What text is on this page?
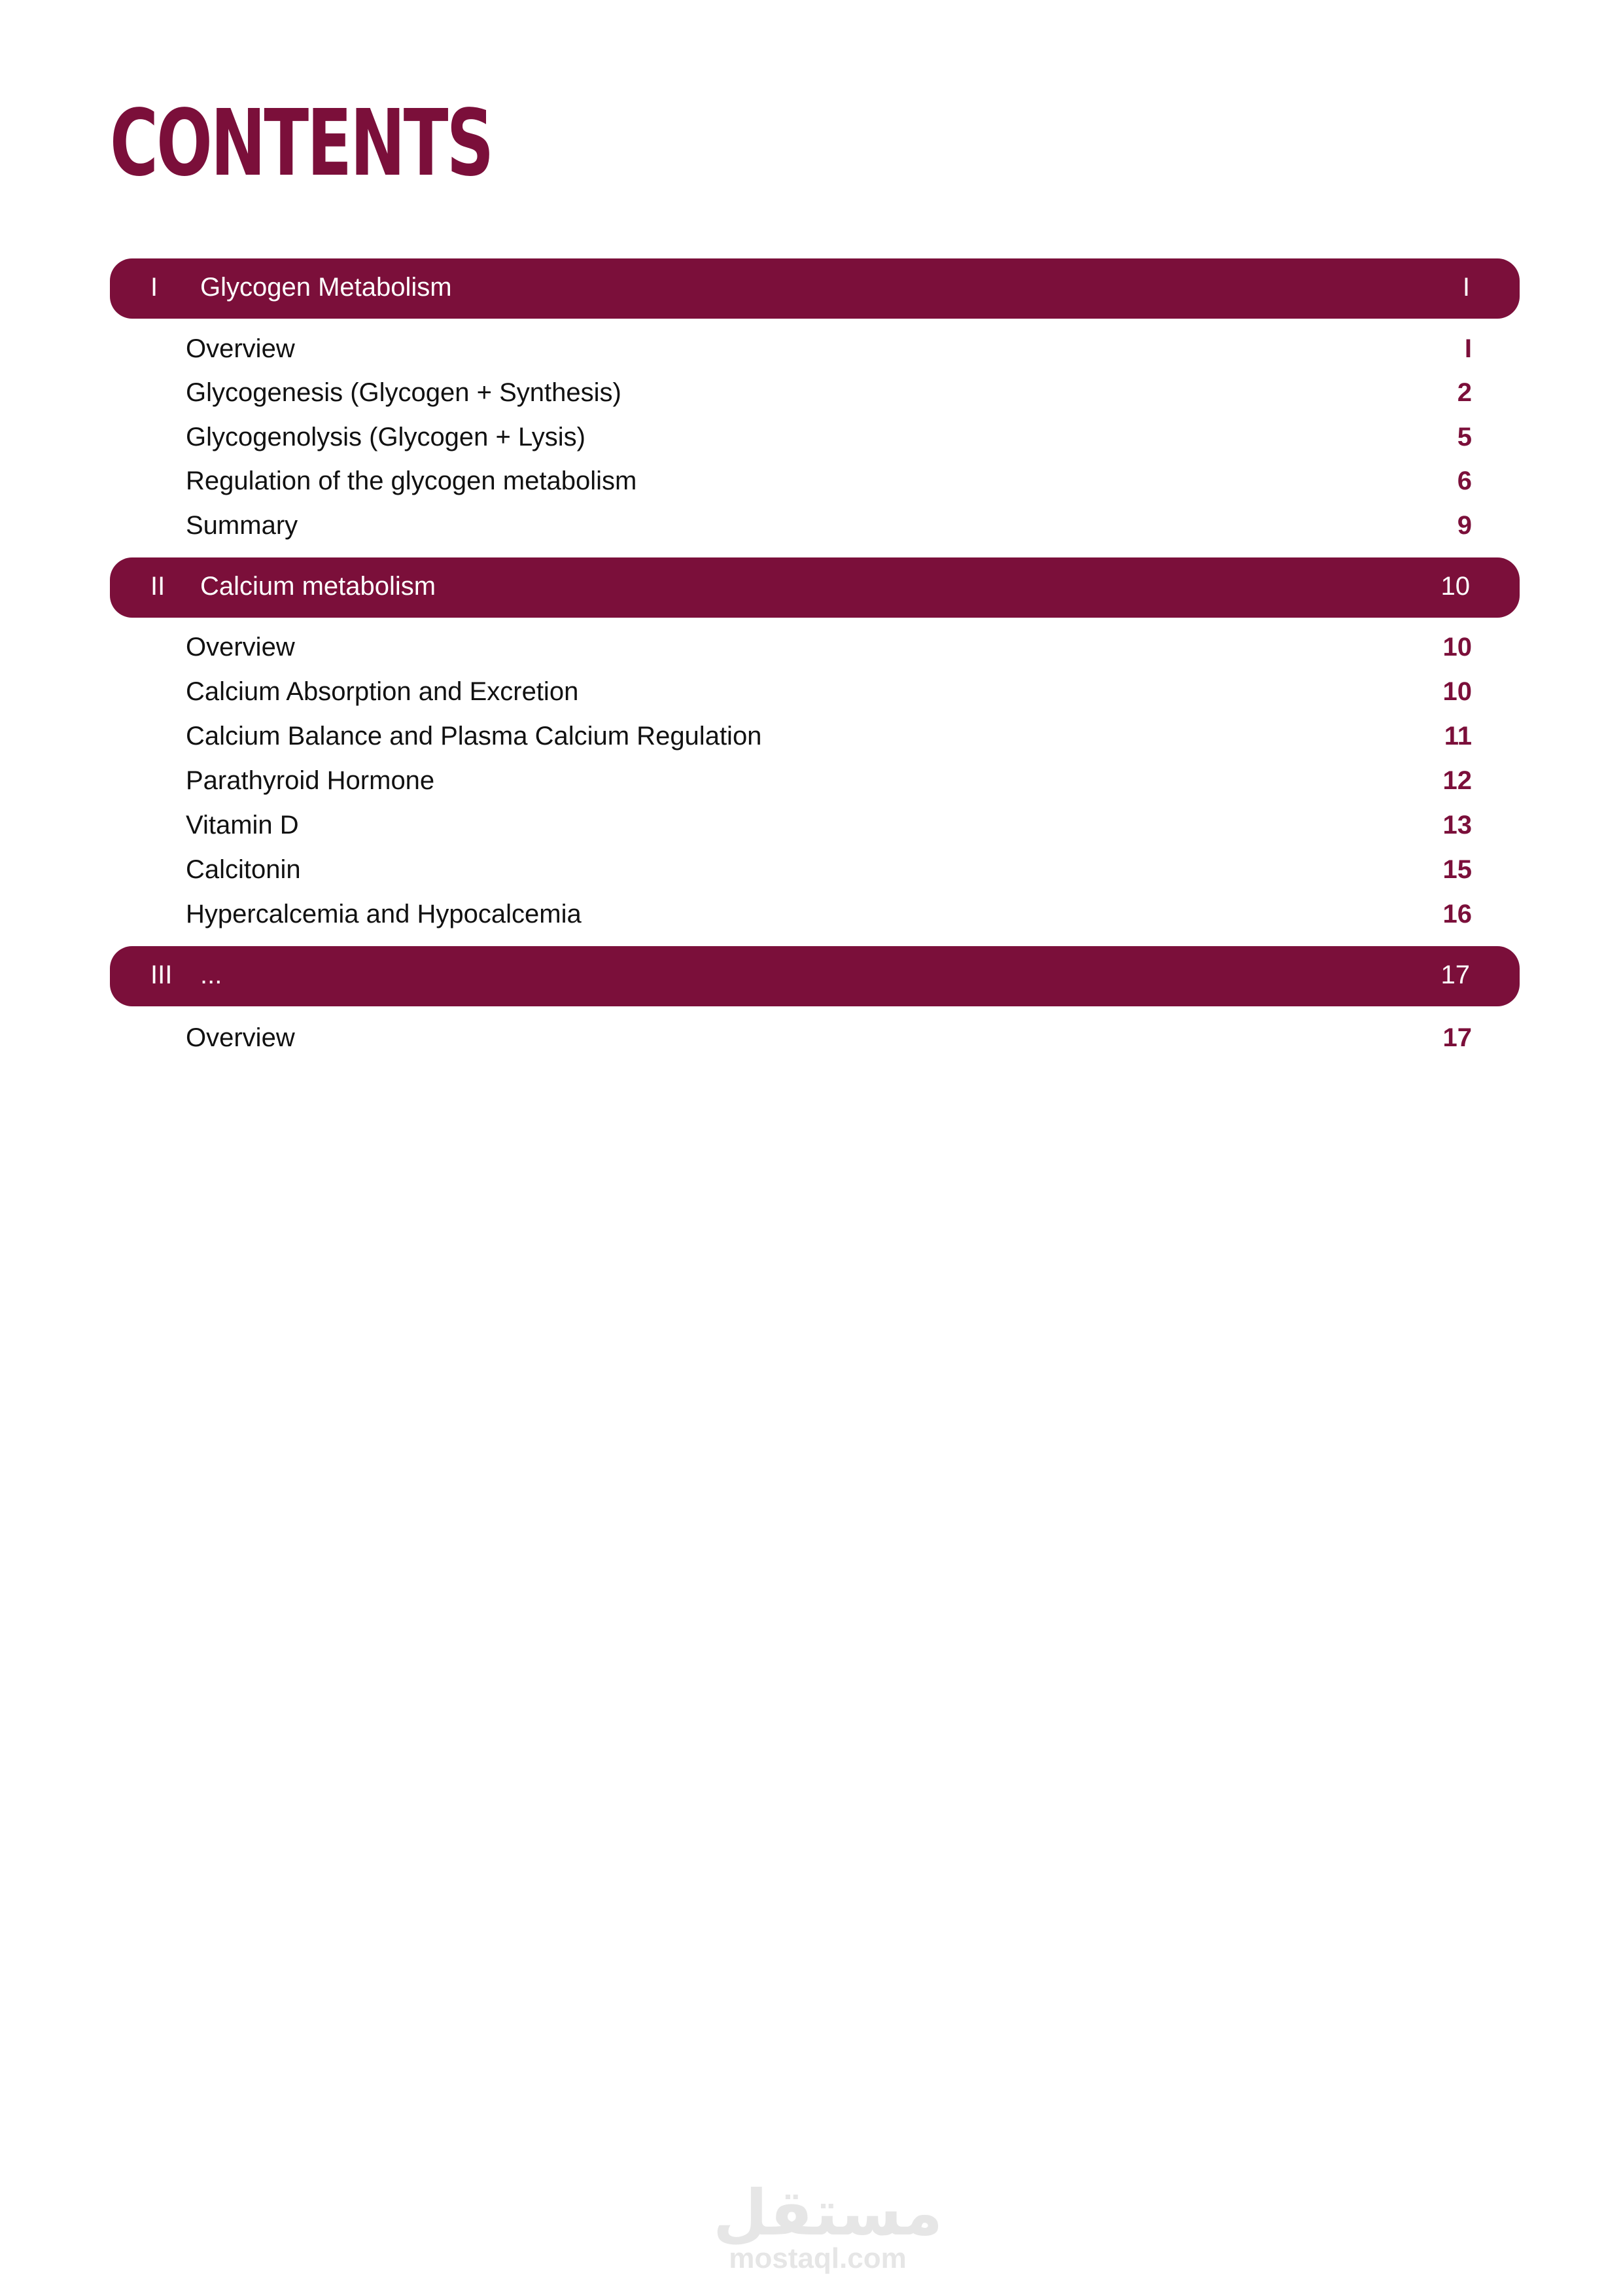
CONTENTS
I Glycogen Metabolism	I
Overview	I
Glycogenesis (Glycogen + Synthesis)	2
Glycogenolysis (Glycogen + Lysis)	5
Regulation of the glycogen metabolism	6
Summary	9
II Calcium metabolism	10
Overview	10
Calcium Absorption and Excretion	10
Calcium Balance and Plasma Calcium Regulation	11
Parathyroid Hormone	12
Vitamin D	13
Calcitonin	15
Hypercalcemia and Hypocalcemia	16
III ...	17
Overview	17
مستقل
mostaql.com
